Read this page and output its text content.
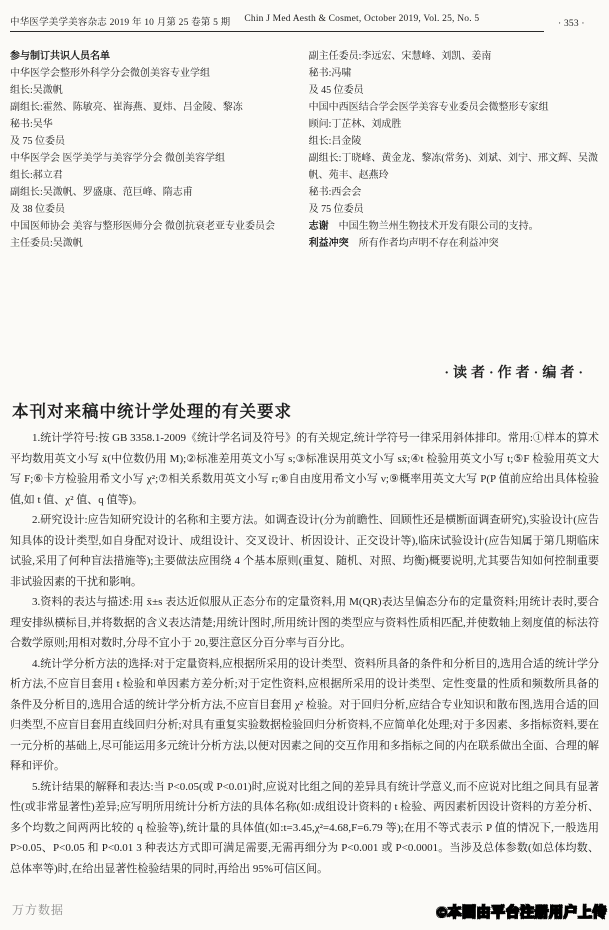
中华医学美学美容杂志 2019 年 10 月第 25 卷第 5 期 Chin J Med Aesth & Cosmet, October 2019, Vol. 25, No. 5	· 353 ·
参与制订共识人员名单
中华医学会整形外科学分会微创美容专业学组
组长:吴溦帆
副组长:霍然、陈敏亮、崔海燕、夏炜、吕金陵、黎冻
秘书:吴华
及 75 位委员
中华医学会 医学美学与美容学分会 微创美容学组
组长:郝立君
副组长:吴溦帆、罗盛康、范巨峰、隋志甫
及 38 位委员
中国医师协会 美容与整形医师分会 微创抗衰老亚专业委员会
主任委员:吴溦帆
副主任委员:李远宏、宋慧峰、刘凯、姜南
秘书:冯啸
及 45 位委员
中国中西医结合学会医学美容专业委员会微整形专家组
顾问:丁芷林、刘成胜
组长:吕金陵
副组长:丁晓峰、黄金龙、黎冻(常务)、刘斌、刘宁、邢文辉、吴溦帆、苑丰、赵燕玲
秘书:西会会
及 75 位委员
志谢 中国生物兰州生物技术开发有限公司的支持。
利益冲突 所有作者均声明不存在利益冲突
·读者·作者·编者·
本刊对来稿中统计学处理的有关要求

1.统计学符号:按 GB 3358.1-2009《统计学名词及符号》的有关规定,统计学符号一律采用斜体排印。常用:①样本的算术平均数用英文小写 x̄(中位数仍用 M);②标准差用英文小写 s;③标准误用英文小写 sx̄;④t 检验用英文小写 t;⑤F 检验用英文大写 F;⑥卡方检验用希文小写 χ²;⑦相关系数用英文小写 r;⑧自由度用希文小写 ν;⑨概率用英文大写 P(P 值前应给出具体检验值,如 t 值、χ² 值、q 值等)。

2.研究设计:应告知研究设计的名称和主要方法。如调查设计(分为前瞻性、回顾性还是横断面调查研究),实验设计(应告知具体的设计类型,如自身配对设计、成组设计、交叉设计、析因设计、正交设计等),临床试验设计(应告知属于第几期临床试验,采用了何种盲法措施等);主要做法应围绕 4 个基本原则(重复、随机、对照、均衡)概要说明,尤其要告知如何控制重要非试验因素的干扰和影响。

3.资料的表达与描述:用 x̄±s 表达近似服从正态分布的定量资料,用 M(QR)表达呈偏态分布的定量资料;用统计表时,要合理安排纵横标目,并将数据的含义表达清楚;用统计图时,所用统计图的类型应与资料性质相匹配,并使数轴上刻度值的标法符合数学原则;用相对数时,分母不宜小于 20,要注意区分百分率与百分比。

4.统计学分析方法的选择:对于定量资料,应根据所采用的设计类型、资料所具备的条件和分析目的,选用合适的统计学分析方法,不应盲目套用 t 检验和单因素方差分析;对于定性资料,应根据所采用的设计类型、定性变量的性质和频数所具备的条件及分析目的,选用合适的统计学分析方法,不应盲目套用 χ² 检验。对于回归分析,应结合专业知识和散布图,选用合适的回归类型,不应盲目套用直线回归分析;对具有重复实验数据检验回归分析资料,不应简单化处理;对于多因素、多指标资料,要在一元分析的基础上,尽可能运用多元统计分析方法,以便对因素之间的交互作用和多指标之间的内在联系做出全面、合理的解释和评价。

5.统计结果的解释和表达:当 P<0.05(或 P<0.01)时,应说对比组之间的差异具有统计学意义,而不应说对比组之间具有显著性(或非常显著性)差异;应写明所用统计分析方法的具体名称(如:成组设计资料的 t 检验、两因素析因设计资料的方差分析、多个均数之间两两比较的 q 检验等),统计量的具体值(如:t=3.45,χ²=4.68,F=6.79 等);在用不等式表示 P 值的情况下,一般选用 P>0.05、P<0.05 和 P<0.01 3 种表达方式即可满足需要,无需再细分为 P<0.001 或 P<0.0001。当涉及总体参数(如总体均数、总体率等)时,在给出显著性检验结果的同时,再给出 95%可信区间。

万方数据	©本图由平台注册用户上传
